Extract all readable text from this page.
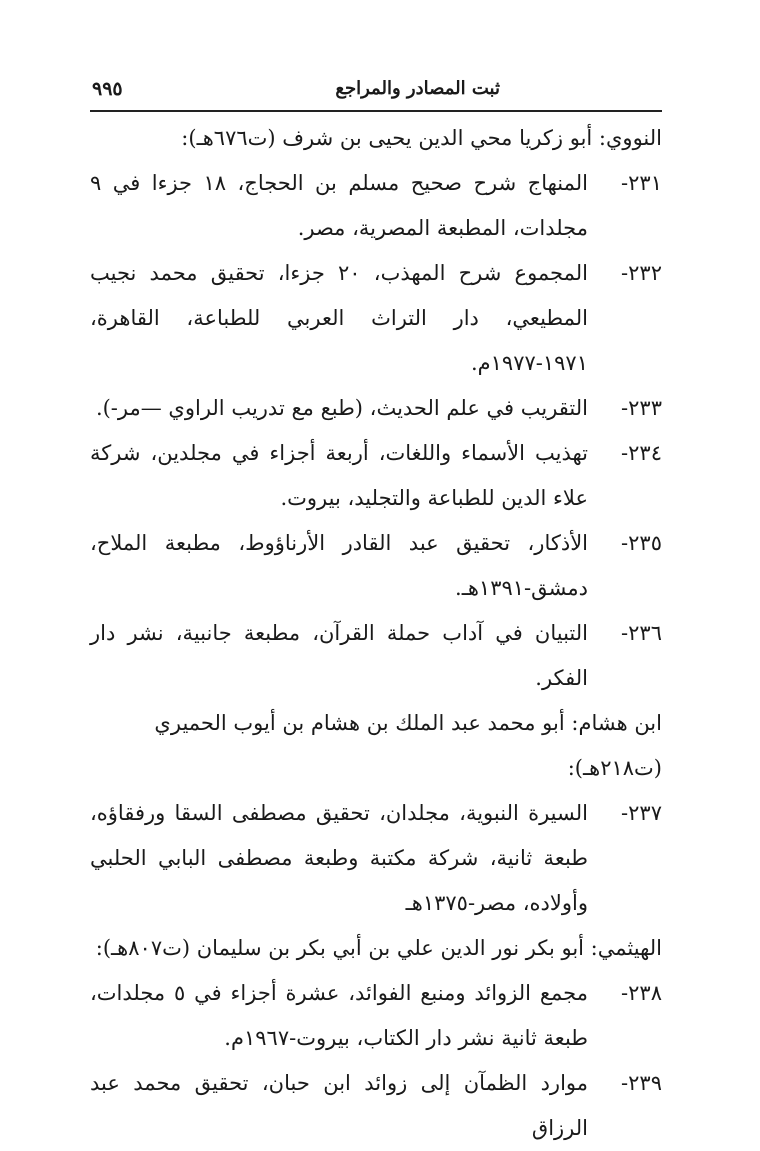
ثبت المصادر والمراجع
٩٩٥

النووي: أبو زكريا محي الدين يحيى بن شرف (ت٦٧٦هـ):

٢٣١-
المنهاج شرح صحيح مسلم بن الحجاج، ١٨ جزءا في ٩ مجلدات، المطبعة المصرية، مصر.
٢٣٢-
المجموع شرح المهذب، ٢٠ جزءا، تحقيق محمد نجيب المطيعي، دار التراث العربي للطباعة، القاهرة، ١٩٧١-١٩٧٧م.
٢٣٣-
التقريب في علم الحديث، (طبع مع تدريب الراوي —مر-).
٢٣٤-
تهذيب الأسماء واللغات، أربعة أجزاء في مجلدين، شركة علاء الدين للطباعة والتجليد، بيروت.
٢٣٥-
الأذكار، تحقيق عبد القادر الأرناؤوط، مطبعة الملاح، دمشق-١٣٩١هـ.
٢٣٦-
التبيان في آداب حملة القرآن، مطبعة جانبية، نشر دار الفكر.

ابن هشام: أبو محمد عبد الملك بن هشام بن أيوب الحميري (ت٢١٨هـ):

٢٣٧-
السيرة النبوية، مجلدان، تحقيق مصطفى السقا ورفقاؤه، طبعة ثانية، شركة مكتبة وطبعة مصطفى البابي الحلبي وأولاده، مصر-١٣٧٥هـ

الهيثمي: أبو بكر نور الدين علي بن أبي بكر بن سليمان (ت٨٠٧هـ):

٢٣٨-
مجمع الزوائد ومنبع الفوائد، عشرة أجزاء في ٥ مجلدات، طبعة ثانية نشر دار الكتاب، بيروت-١٩٦٧م.
٢٣٩-
موارد الظمآن إلى زوائد ابن حبان، تحقيق محمد عبد الرزاق
